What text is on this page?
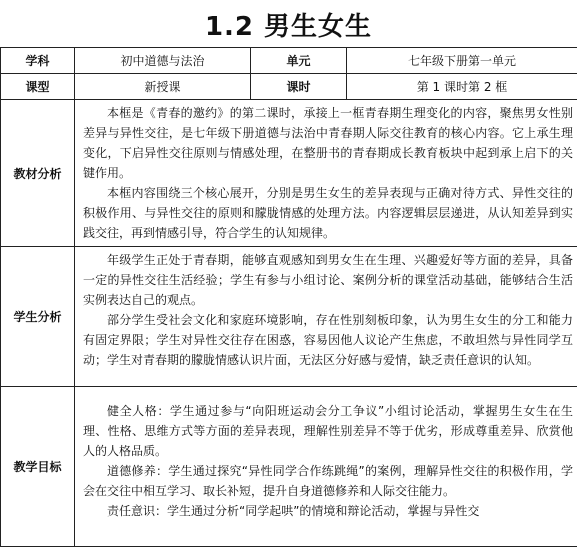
1.2 男生女生
学科	初中道德与法治	单元	七年级下册第一单元
课型	新授课	课时	第 1 课时第 2 框
教材分析	本框是《青春的邀约》的第二课时，承接上一框青春期生理变化的内容，聚焦男女性别差异与异性交往，是七年级下册道德与法治中青春期人际交往教育的核心内容。它上承生理变化，下启异性交往原则与情感处理，在整册书的青春期成长教育板块中起到承上启下的关键作用。

本框内容围绕三个核心展开，分别是男生女生的差异表现与正确对待方式、异性交往的积极作用、与异性交往的原则和朦胧情感的处理方法。内容逻辑层层递进，从认知差异到实践交往，再到情感引导，符合学生的认知规律。		

学生分析	年级学生正处于青春期，能够直观感知到男女生在生理、兴趣爱好等方面的差异，具备一定的异性交往生活经验；学生有参与小组讨论、案例分析的课堂活动基础，能够结合生活实例表达自己的观点。

部分学生受社会文化和家庭环境影响，存在性别刻板印象，认为男生女生的分工和能力有固定界限；学生对异性交往存在困惑，容易因他人议论产生焦虑，不敢坦然与异性同学互动；学生对青春期的朦胧情感认识片面，无法区分好感与爱情，缺乏责任意识的认知。		

教学目标	健全人格：学生通过参与“向阳班运动会分工争议”小组讨论活动，掌握男生女生在生理、性格、思维方式等方面的差异表现，理解性别差异不等于优劣，形成尊重差异、欣赏他人的人格品质。

道德修养：学生通过探究“异性同学合作练跳绳”的案例，理解异性交往的积极作用，学会在交往中相互学习、取长补短，提升自身道德修养和人际交往能力。

责任意识：学生通过分析“同学起哄”的情境和辩论活动，掌握与异性交		
